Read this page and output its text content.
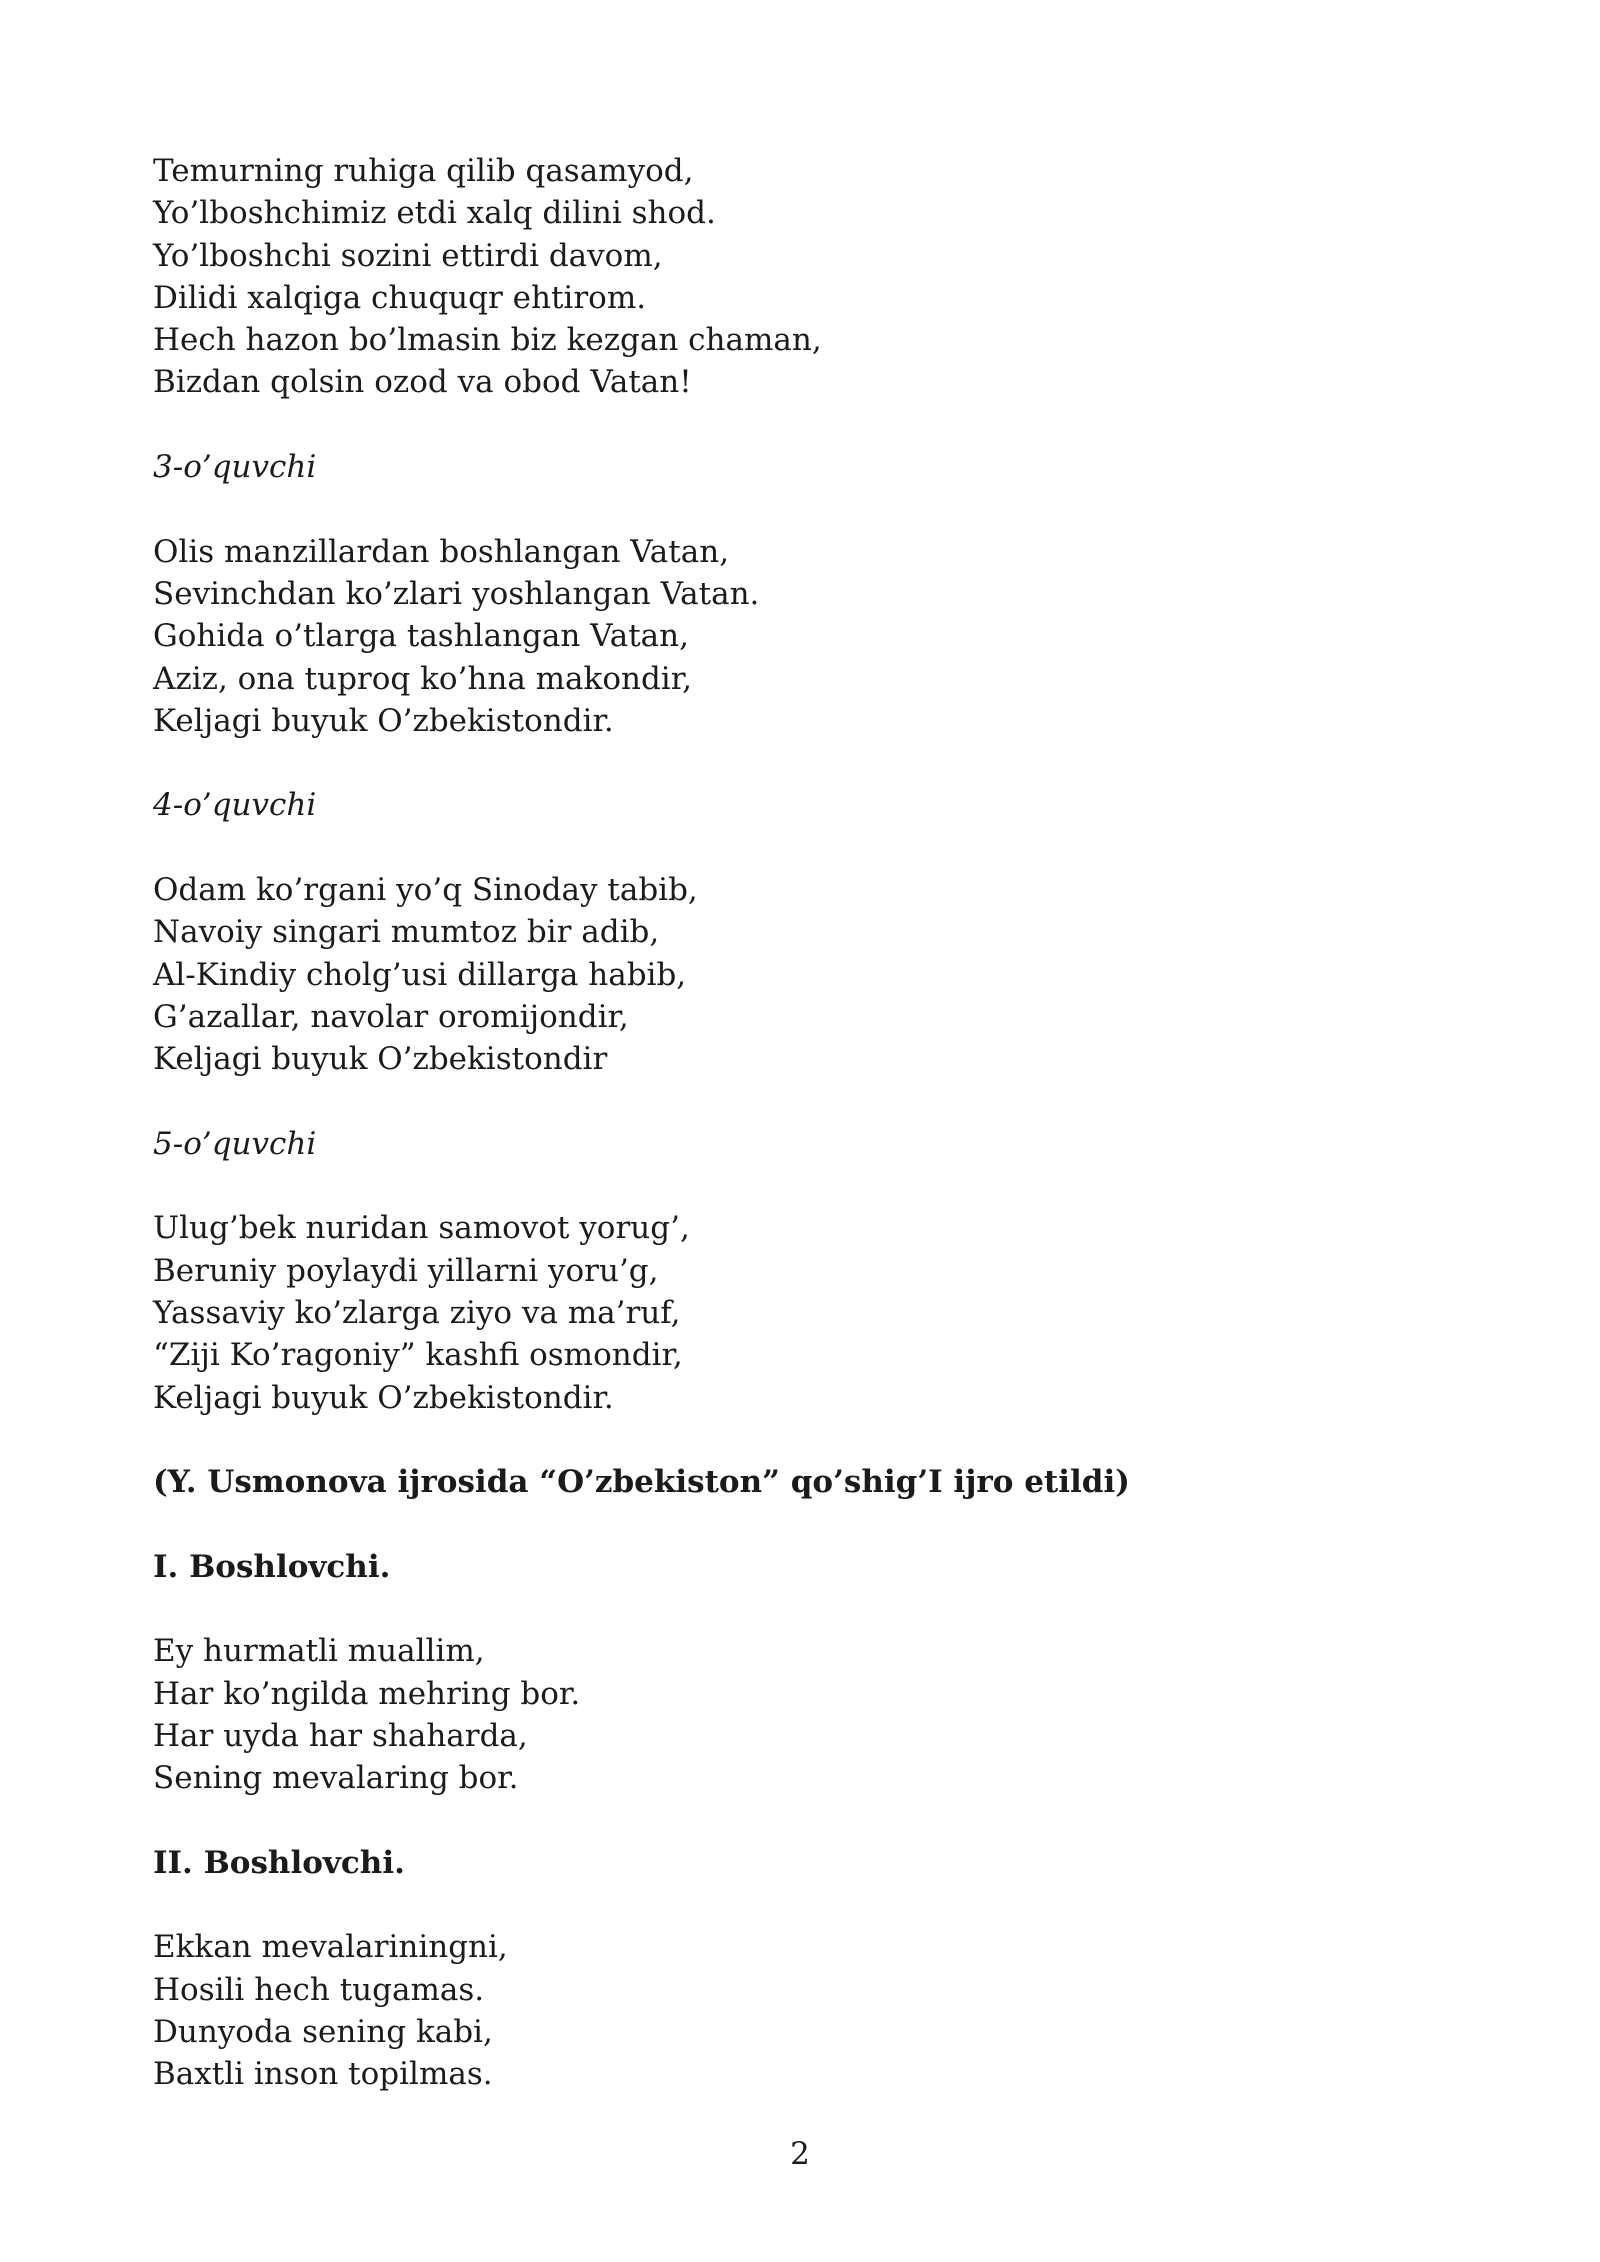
Temurning ruhiga qilib qasamyod,
Yo’lboshchimiz etdi xalq dilini shod.
Yo’lboshchi sozini ettirdi davom,
Dilidi xalqiga chuquqr ehtirom.
Hech hazon bo’lmasin biz kezgan chaman,
Bizdan qolsin ozod va obod Vatan!
3-o’quvchi
Olis manzillardan boshlangan Vatan,
Sevinchdan ko’zlari yoshlangan Vatan.
Gohida o’tlarga tashlangan Vatan,
Aziz, ona tuproq ko’hna makondir,
Keljagi buyuk O’zbekistondir.
4-o’quvchi
Odam ko’rgani yo’q Sinoday tabib,
Navoiy singari mumtoz bir adib,
Al-Kindiy cholg’usi dillarga habib,
G’azallar, navolar oromijondir,
Keljagi buyuk O’zbekistondir
5-o’quvchi
Ulug’bek nuridan samovot yorug’,
Beruniy poylaydi yillarni yoru’g,
Yassaviy ko’zlarga ziyo va ma’ruf,
“Ziji Ko’ragoniy” kashfi osmondir,
Keljagi buyuk O’zbekistondir.
(Y. Usmonova ijrosida “O’zbekiston” qo’shig’I ijro etildi)
I. Boshlovchi.
Ey hurmatli muallim,
Har ko’ngilda mehring bor.
Har uyda har shaharda,
Sening mevalaring bor.
II. Boshlovchi.
Ekkan mevalariningni,
Hosili hech tugamas.
Dunyoda sening kabi,
Baxtli inson topilmas.
2
